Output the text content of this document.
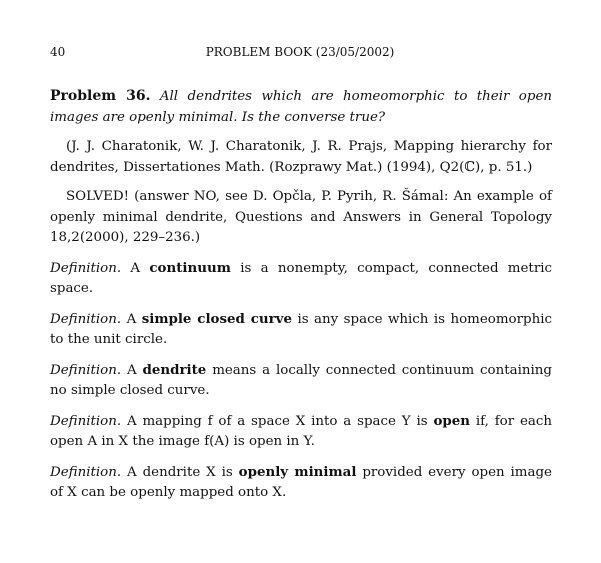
40	PROBLEM BOOK (23/05/2002)

Problem 36. All dendrites which are homeomorphic to their open images are openly minimal. Is the converse true?

(J. J. Charatonik, W. J. Charatonik, J. R. Prajs, Mapping hierarchy for dendrites, Dissertationes Math. (Rozprawy Mat.) (1994), Q2(ℂ), p. 51.)

SOLVED! (answer NO, see D. Opčla, P. Pyrih, R. Šámal: An example of openly minimal dendrite, Questions and Answers in General Topology 18,2(2000), 229–236.)

Definition. A continuum is a nonempty, compact, connected metric space.

Definition. A simple closed curve is any space which is homeomorphic to the unit circle.

Definition. A dendrite means a locally connected continuum containing no simple closed curve.

Definition. A mapping f of a space X into a space Y is open if, for each open A in X the image f(A) is open in Y.

Definition. A dendrite X is openly minimal provided every open image of X can be openly mapped onto X.
